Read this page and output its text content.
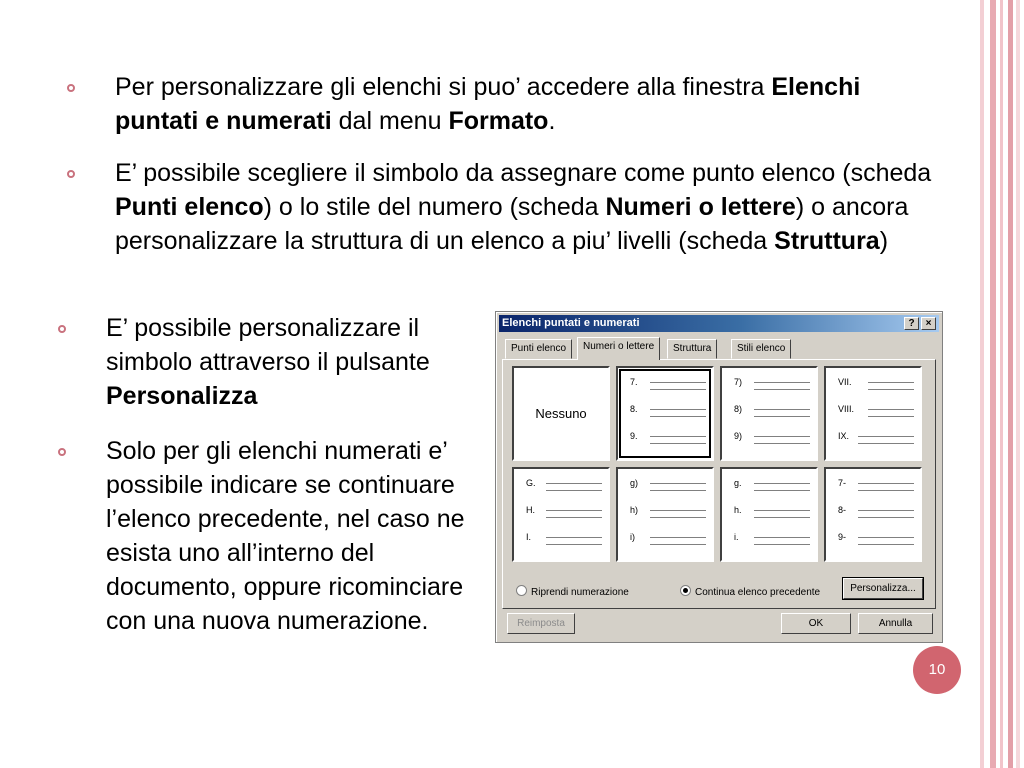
Per personalizzare gli elenchi si puo’ accedere alla finestra Elenchi puntati e numerati dal menu Formato.
E’ possibile scegliere il simbolo da assegnare come punto elenco (scheda Punti elenco) o lo stile del numero (scheda Numeri o lettere) o ancora personalizzare la struttura di un elenco a piu’ livelli (scheda Struttura)
E’ possibile personalizzare il simbolo attraverso il pulsante Personalizza
Solo per gli elenchi numerati e’ possibile indicare se continuare l’elenco precedente, nel caso ne esista uno all’interno del documento, oppure ricominciare con una nuova numerazione.
Elenchi puntati e numerati	?	×
Punti elenco	Numeri o lettere	Struttura	Stili elenco
Nessuno
7.
8.
9.
7)
8)
9)
VII.
VIII.
IX.
G.
H.
I.
g)
h)
i)
g.
h.
i.
7-
8-
9-
Riprendi numerazione	Continua elenco precedente	Personalizza...
Reimposta	OK	Annulla
10
